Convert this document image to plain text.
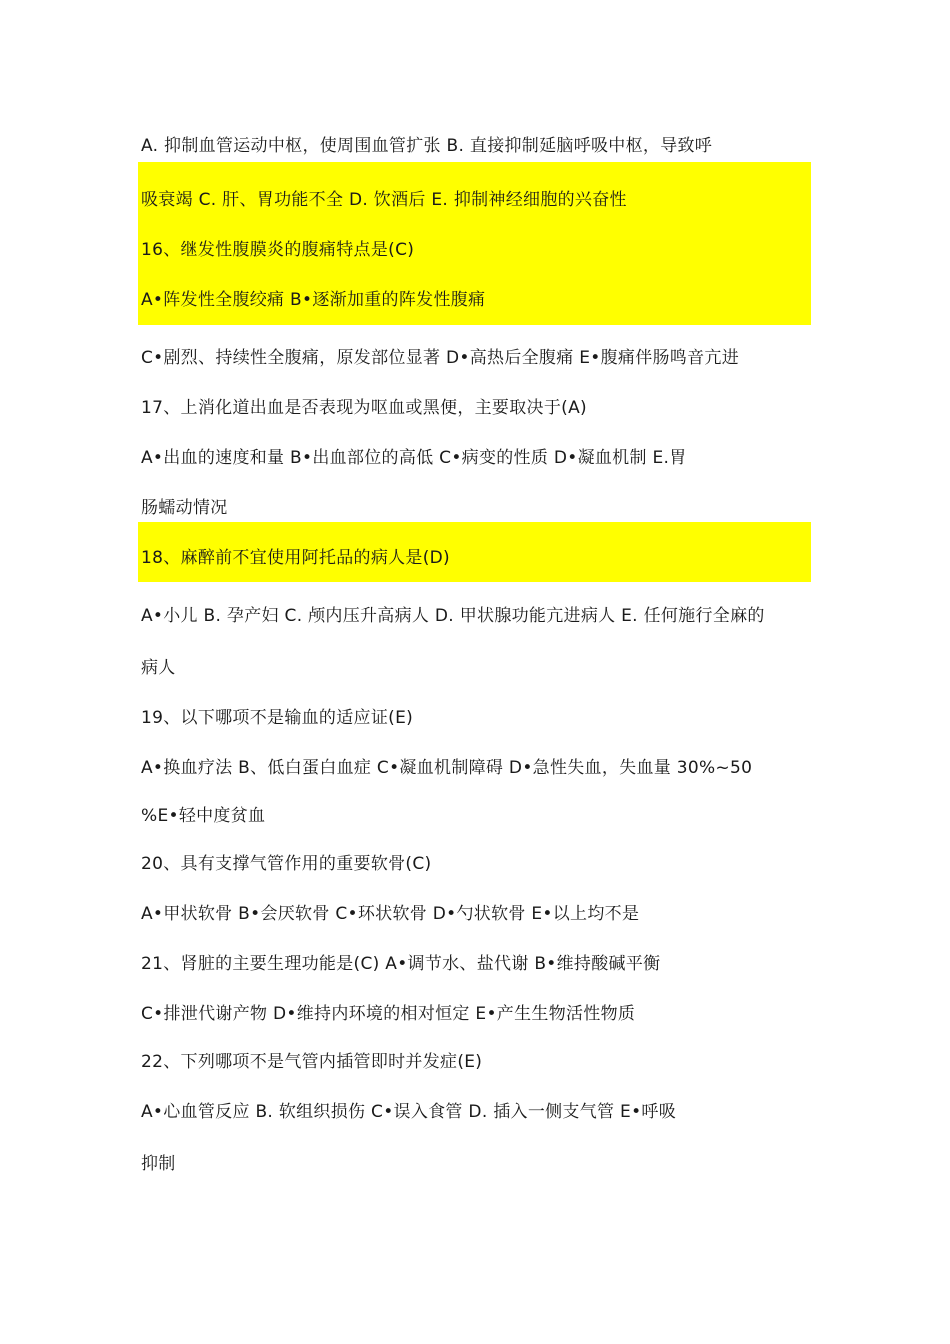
A. 抑制血管运动中枢，使周围血管扩张 B. 直接抑制延脑呼吸中枢，导致呼
吸衰竭 C. 肝、胃功能不全 D. 饮酒后 E. 抑制神经细胞的兴奋性
16、继发性腹膜炎的腹痛特点是(C)
A•阵发性全腹绞痛 B•逐渐加重的阵发性腹痛
C•剧烈、持续性全腹痛，原发部位显著 D•高热后全腹痛 E•腹痛伴肠鸣音亢进
17、上消化道出血是否表现为呕血或黑便，主要取决于(A)
A•出血的速度和量 B•出血部位的高低 C•病变的性质 D•凝血机制 E.胃
肠蠕动情况
18、麻醉前不宜使用阿托品的病人是(D)
A•小儿 B. 孕产妇 C. 颅内压升高病人 D. 甲状腺功能亢进病人 E. 任何施行全麻的
病人
19、以下哪项不是输血的适应证(E)
A•换血疗法 B、低白蛋白血症 C•凝血机制障碍 D•急性失血，失血量 30%~50
%E•轻中度贫血
20、具有支撑气管作用的重要软骨(C)
A•甲状软骨 B•会厌软骨 C•环状软骨 D•勺状软骨 E•以上均不是
21、肾脏的主要生理功能是(C) A•调节水、盐代谢 B•维持酸碱平衡
C•排泄代谢产物 D•维持内环境的相对恒定 E•产生生物活性物质
22、下列哪项不是气管内插管即时并发症(E)
A•心血管反应 B. 软组织损伤 C•误入食管 D. 插入一侧支气管 E•呼吸
抑制
